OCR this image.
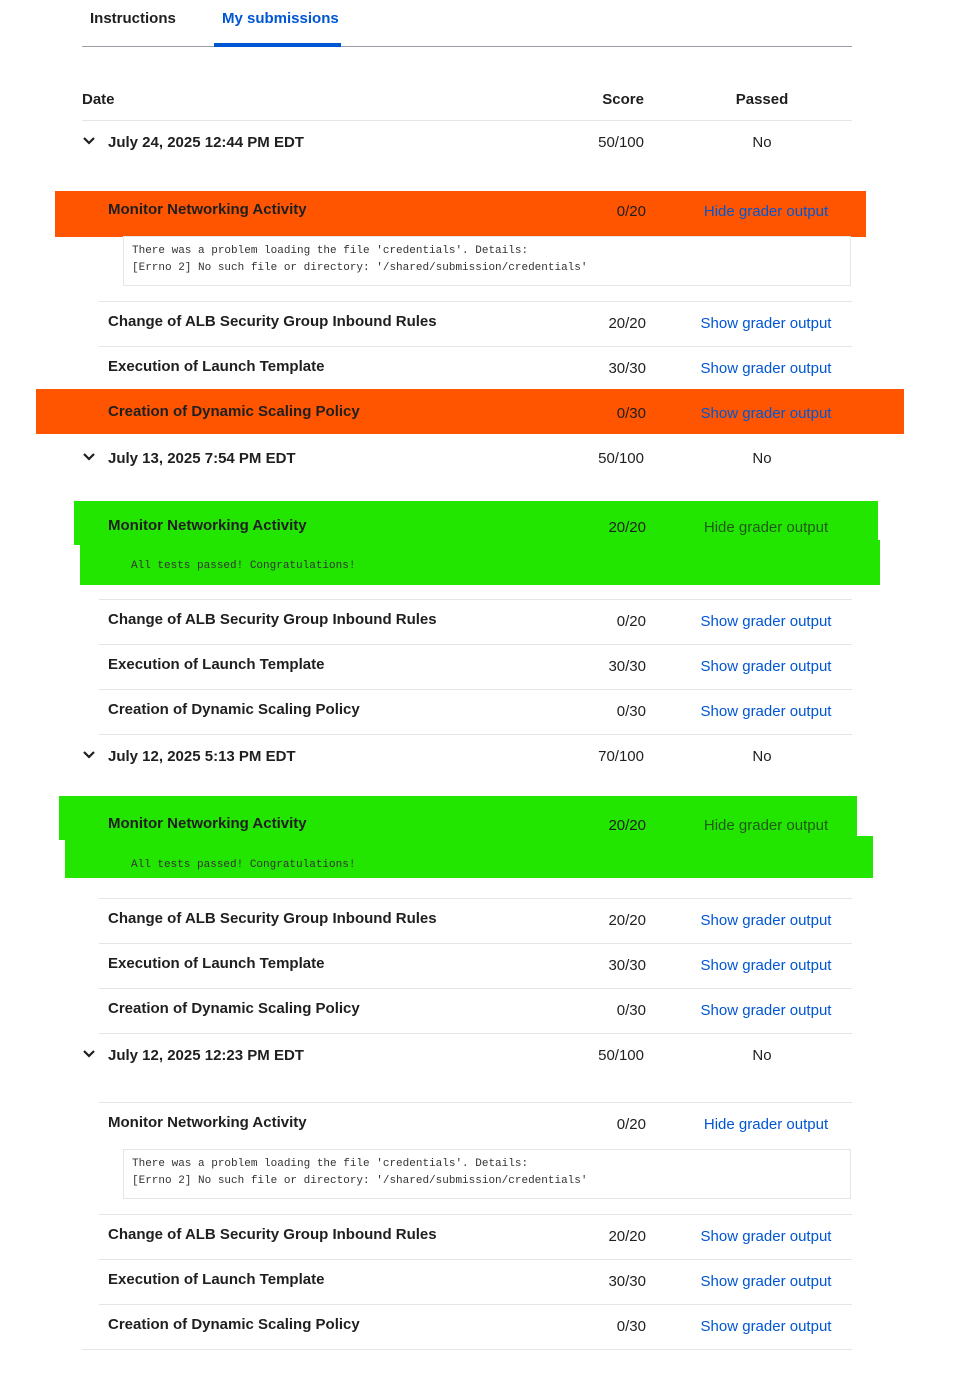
Instructions	My submissions
Date	Score	Passed
July 24, 2025 12:44 PM EDT	50/100	No
Monitor Networking Activity	0/20	Hide grader output
There was a problem loading the file 'credentials'. Details:
[Errno 2] No such file or directory: '/shared/submission/credentials'
Change of ALB Security Group Inbound Rules	20/20	Show grader output
Execution of Launch Template	30/30	Show grader output
Creation of Dynamic Scaling Policy	0/30	Show grader output
July 13, 2025 7:54 PM EDT	50/100	No
Monitor Networking Activity	20/20	Hide grader output
All tests passed! Congratulations!
Change of ALB Security Group Inbound Rules	0/20	Show grader output
Execution of Launch Template	30/30	Show grader output
Creation of Dynamic Scaling Policy	0/30	Show grader output
July 12, 2025 5:13 PM EDT	70/100	No
Monitor Networking Activity	20/20	Hide grader output
All tests passed! Congratulations!
Change of ALB Security Group Inbound Rules	20/20	Show grader output
Execution of Launch Template	30/30	Show grader output
Creation of Dynamic Scaling Policy	0/30	Show grader output
July 12, 2025 12:23 PM EDT	50/100	No
Monitor Networking Activity	0/20	Hide grader output
There was a problem loading the file 'credentials'. Details:
[Errno 2] No such file or directory: '/shared/submission/credentials'
Change of ALB Security Group Inbound Rules	20/20	Show grader output
Execution of Launch Template	30/30	Show grader output
Creation of Dynamic Scaling Policy	0/30	Show grader output
